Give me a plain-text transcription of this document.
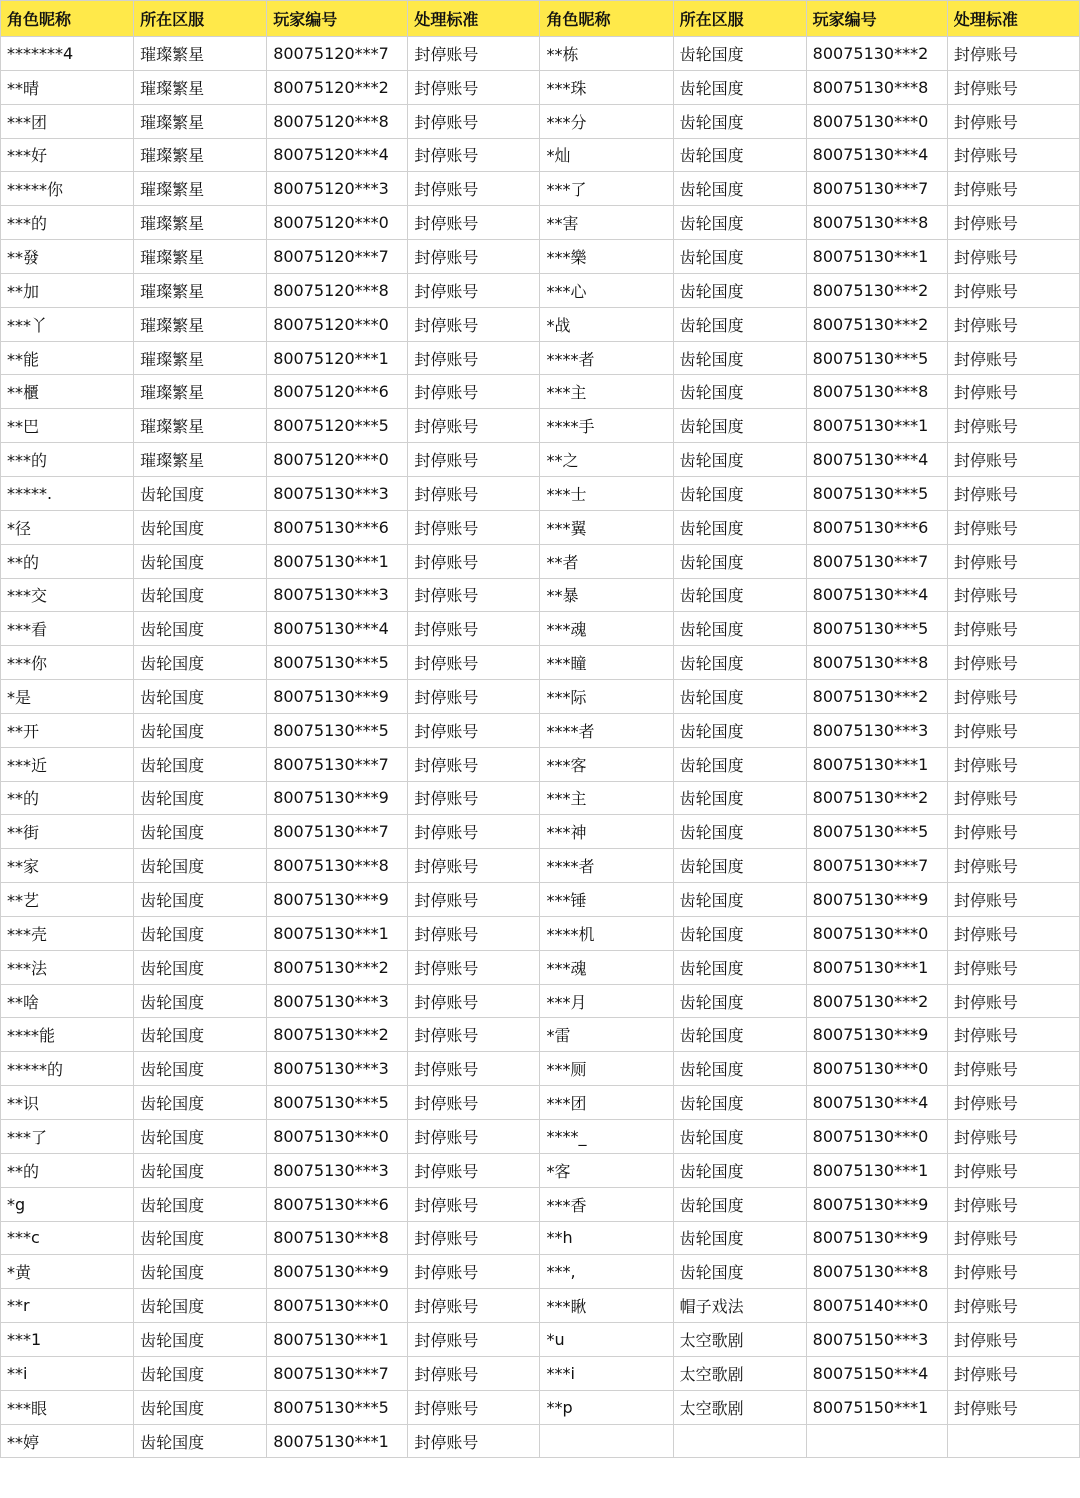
角色昵称	所在区服	玩家编号	处理标准	角色昵称	所在区服	玩家编号	处理标准
*******4	璀璨繁星	80075120***7	封停账号	**栋	齿轮国度	80075130***2	封停账号
**晴	璀璨繁星	80075120***2	封停账号	***珠	齿轮国度	80075130***8	封停账号
***团	璀璨繁星	80075120***8	封停账号	***分	齿轮国度	80075130***0	封停账号
***好	璀璨繁星	80075120***4	封停账号	*灿	齿轮国度	80075130***4	封停账号
*****你	璀璨繁星	80075120***3	封停账号	***了	齿轮国度	80075130***7	封停账号
***的	璀璨繁星	80075120***0	封停账号	**害	齿轮国度	80075130***8	封停账号
**發	璀璨繁星	80075120***7	封停账号	***樂	齿轮国度	80075130***1	封停账号
**加	璀璨繁星	80075120***8	封停账号	***心	齿轮国度	80075130***2	封停账号
***丫	璀璨繁星	80075120***0	封停账号	*战	齿轮国度	80075130***2	封停账号
**能	璀璨繁星	80075120***1	封停账号	****者	齿轮国度	80075130***5	封停账号
**櫃	璀璨繁星	80075120***6	封停账号	***主	齿轮国度	80075130***8	封停账号
**巴	璀璨繁星	80075120***5	封停账号	****手	齿轮国度	80075130***1	封停账号
***的	璀璨繁星	80075120***0	封停账号	**之	齿轮国度	80075130***4	封停账号
*****.	齿轮国度	80075130***3	封停账号	***士	齿轮国度	80075130***5	封停账号
*径	齿轮国度	80075130***6	封停账号	***翼	齿轮国度	80075130***6	封停账号
**的	齿轮国度	80075130***1	封停账号	**者	齿轮国度	80075130***7	封停账号
***交	齿轮国度	80075130***3	封停账号	**暴	齿轮国度	80075130***4	封停账号
***看	齿轮国度	80075130***4	封停账号	***魂	齿轮国度	80075130***5	封停账号
***你	齿轮国度	80075130***5	封停账号	***瞳	齿轮国度	80075130***8	封停账号
*是	齿轮国度	80075130***9	封停账号	***际	齿轮国度	80075130***2	封停账号
**开	齿轮国度	80075130***5	封停账号	****者	齿轮国度	80075130***3	封停账号
***近	齿轮国度	80075130***7	封停账号	***客	齿轮国度	80075130***1	封停账号
**的	齿轮国度	80075130***9	封停账号	***主	齿轮国度	80075130***2	封停账号
**街	齿轮国度	80075130***7	封停账号	***神	齿轮国度	80075130***5	封停账号
**家	齿轮国度	80075130***8	封停账号	****者	齿轮国度	80075130***7	封停账号
**艺	齿轮国度	80075130***9	封停账号	***锤	齿轮国度	80075130***9	封停账号
***壳	齿轮国度	80075130***1	封停账号	****机	齿轮国度	80075130***0	封停账号
***法	齿轮国度	80075130***2	封停账号	***魂	齿轮国度	80075130***1	封停账号
**啥	齿轮国度	80075130***3	封停账号	***月	齿轮国度	80075130***2	封停账号
****能	齿轮国度	80075130***2	封停账号	*雷	齿轮国度	80075130***9	封停账号
*****的	齿轮国度	80075130***3	封停账号	***厕	齿轮国度	80075130***0	封停账号
**识	齿轮国度	80075130***5	封停账号	***团	齿轮国度	80075130***4	封停账号
***了	齿轮国度	80075130***0	封停账号	****_	齿轮国度	80075130***0	封停账号
**的	齿轮国度	80075130***3	封停账号	*客	齿轮国度	80075130***1	封停账号
*g	齿轮国度	80075130***6	封停账号	***香	齿轮国度	80075130***9	封停账号
***c	齿轮国度	80075130***8	封停账号	**h	齿轮国度	80075130***9	封停账号
*黄	齿轮国度	80075130***9	封停账号	***,	齿轮国度	80075130***8	封停账号
**r	齿轮国度	80075130***0	封停账号	***瞅	帽子戏法	80075140***0	封停账号
***1	齿轮国度	80075130***1	封停账号	*u	太空歌剧	80075150***3	封停账号
**i	齿轮国度	80075130***7	封停账号	***i	太空歌剧	80075150***4	封停账号
***眼	齿轮国度	80075130***5	封停账号	**p	太空歌剧	80075150***1	封停账号
**婷	齿轮国度	80075130***1	封停账号				
